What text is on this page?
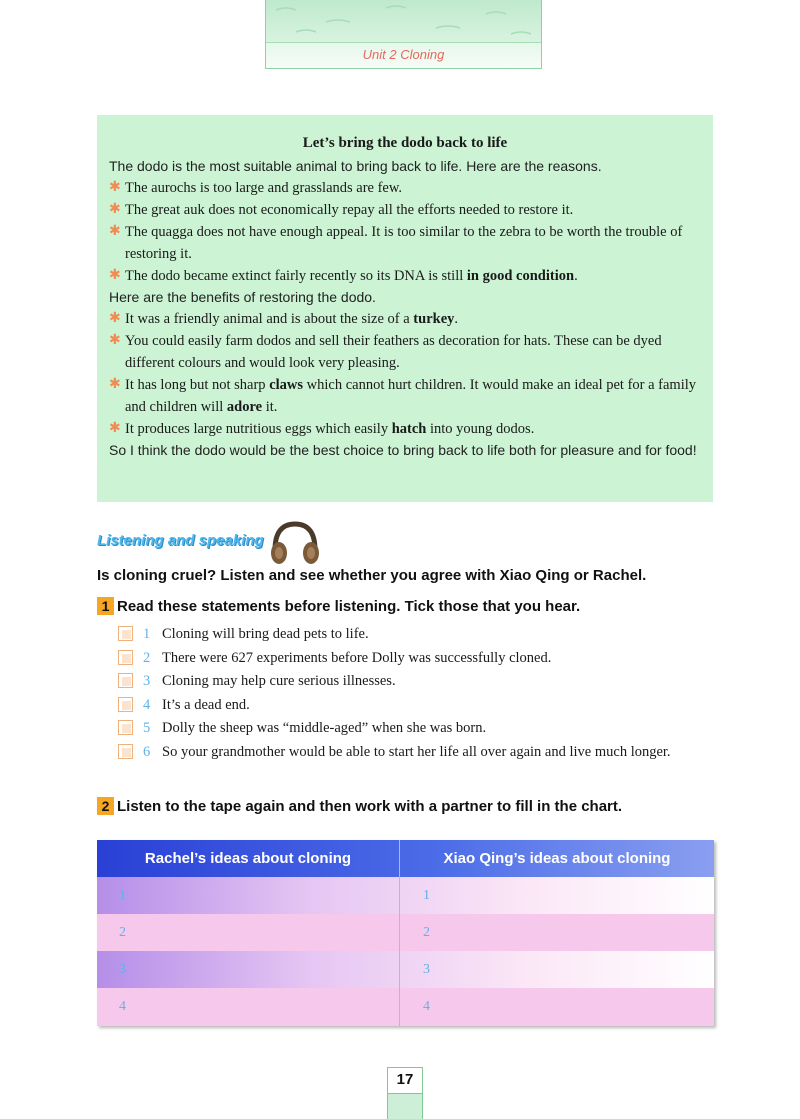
Unit 2 Cloning
Let’s bring the dodo back to life
The dodo is the most suitable animal to bring back to life. Here are the reasons.
✱ The aurochs is too large and grasslands are few.
✱ The great auk does not economically repay all the efforts needed to restore it.
✱ The quagga does not have enough appeal. It is too similar to the zebra to be worth the trouble of restoring it.
✱ The dodo became extinct fairly recently so its DNA is still in good condition.
Here are the benefits of restoring the dodo.
✱ It was a friendly animal and is about the size of a turkey.
✱ You could easily farm dodos and sell their feathers as decoration for hats. These can be dyed different colours and would look very pleasing.
✱ It has long but not sharp claws which cannot hurt children. It would make an ideal pet for a family and children will adore it.
✱ It produces large nutritious eggs which easily hatch into young dodos.
So I think the dodo would be the best choice to bring back to life both for pleasure and for food!
Listening and speaking
Is cloning cruel? Listen and see whether you agree with Xiao Qing or Rachel.
1 Read these statements before listening. Tick those that you hear.
1 Cloning will bring dead pets to life.
2 There were 627 experiments before Dolly was successfully cloned.
3 Cloning may help cure serious illnesses.
4 It’s a dead end.
5 Dolly the sheep was “middle-aged” when she was born.
6 So your grandmother would be able to start her life all over again and live much longer.
2 Listen to the tape again and then work with a partner to fill in the chart.
Rachel’s ideas about cloning	Xiao Qing’s ideas about cloning
1	1
2	2
3	3
4	4
17
